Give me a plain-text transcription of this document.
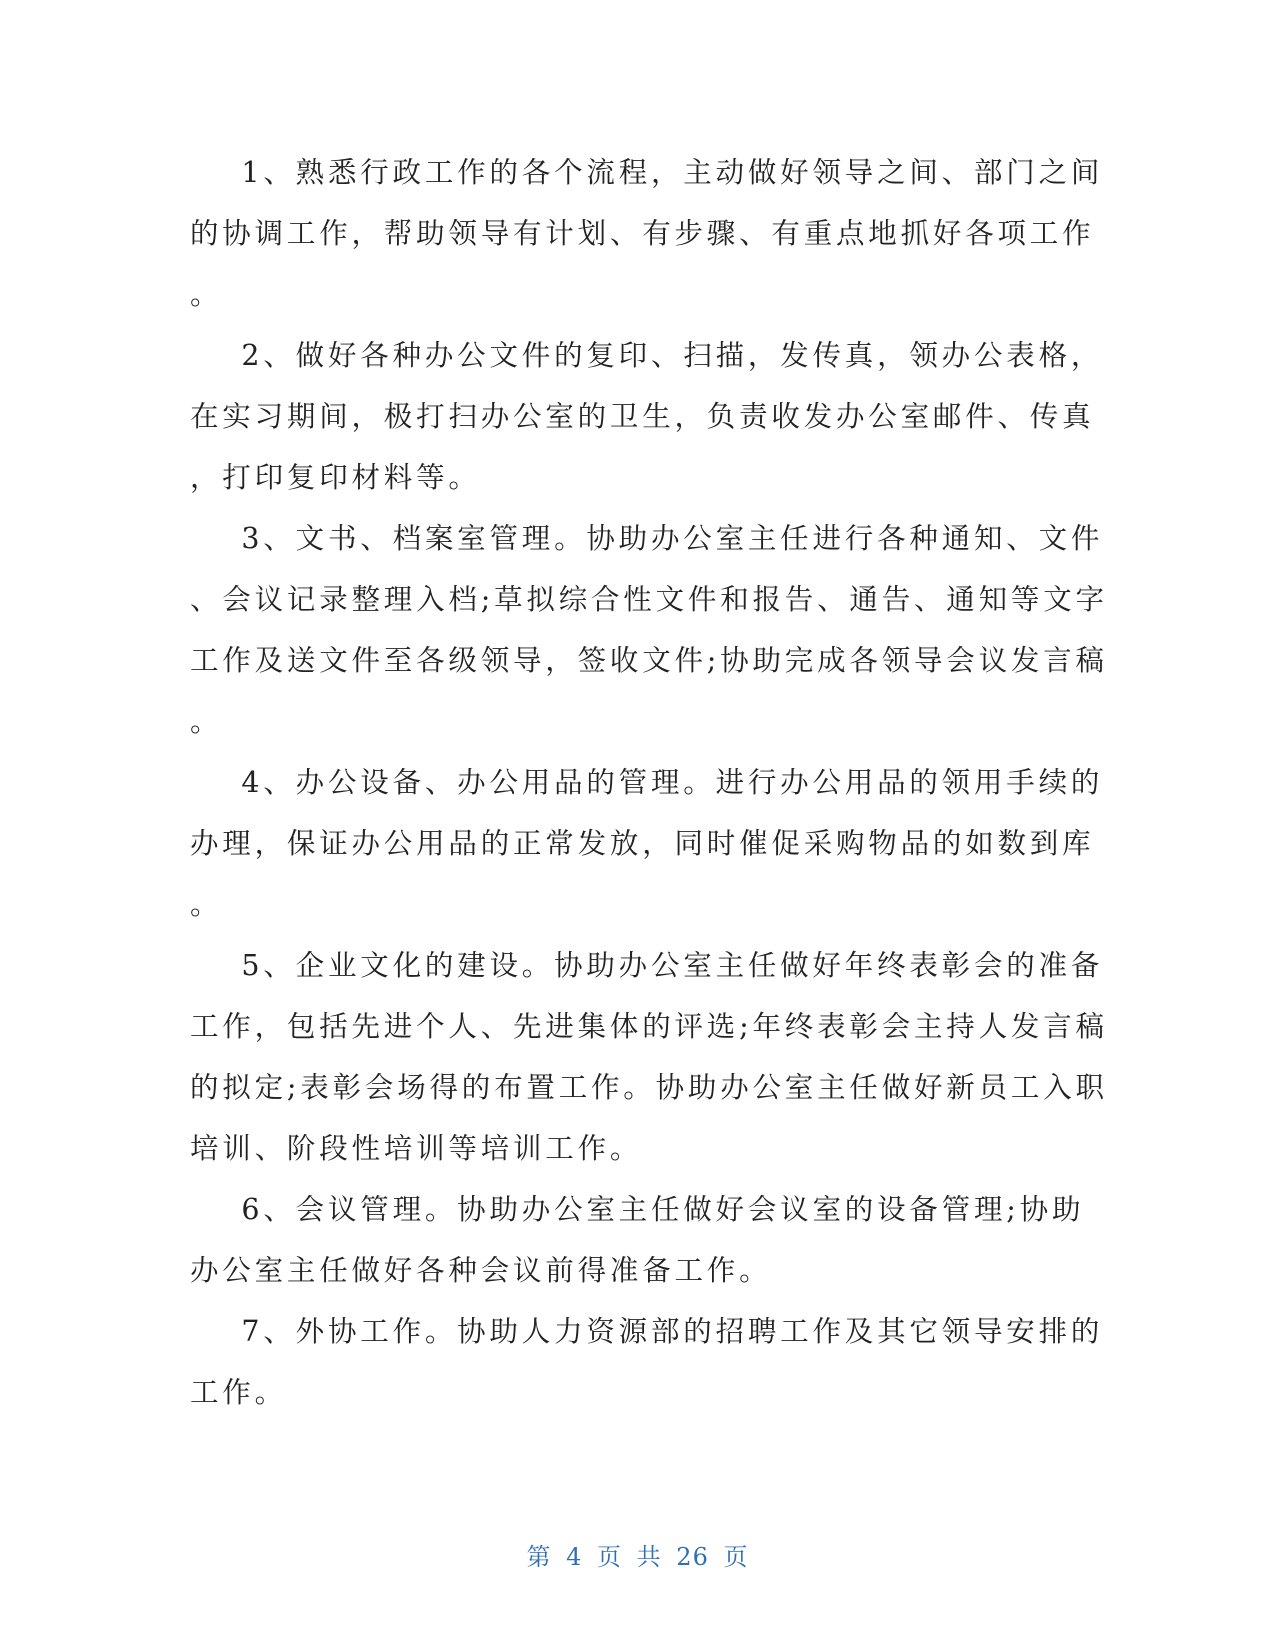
1、熟悉行政工作的各个流程，主动做好领导之间、部门之间
的协调工作，帮助领导有计划、有步骤、有重点地抓好各项工作
。
2、做好各种办公文件的复印、扫描，发传真，领办公表格，
在实习期间，极打扫办公室的卫生，负责收发办公室邮件、传真
，打印复印材料等。
3、文书、档案室管理。协助办公室主任进行各种通知、文件
、会议记录整理入档;草拟综合性文件和报告、通告、通知等文字
工作及送文件至各级领导，签收文件;协助完成各领导会议发言稿
。
4、办公设备、办公用品的管理。进行办公用品的领用手续的
办理，保证办公用品的正常发放，同时催促采购物品的如数到库
。
5、企业文化的建设。协助办公室主任做好年终表彰会的准备
工作，包括先进个人、先进集体的评选;年终表彰会主持人发言稿
的拟定;表彰会场得的布置工作。协助办公室主任做好新员工入职
培训、阶段性培训等培训工作。
6、会议管理。协助办公室主任做好会议室的设备管理;协助
办公室主任做好各种会议前得准备工作。
7、外协工作。协助人力资源部的招聘工作及其它领导安排的
工作。
第 4 页 共 26 页
